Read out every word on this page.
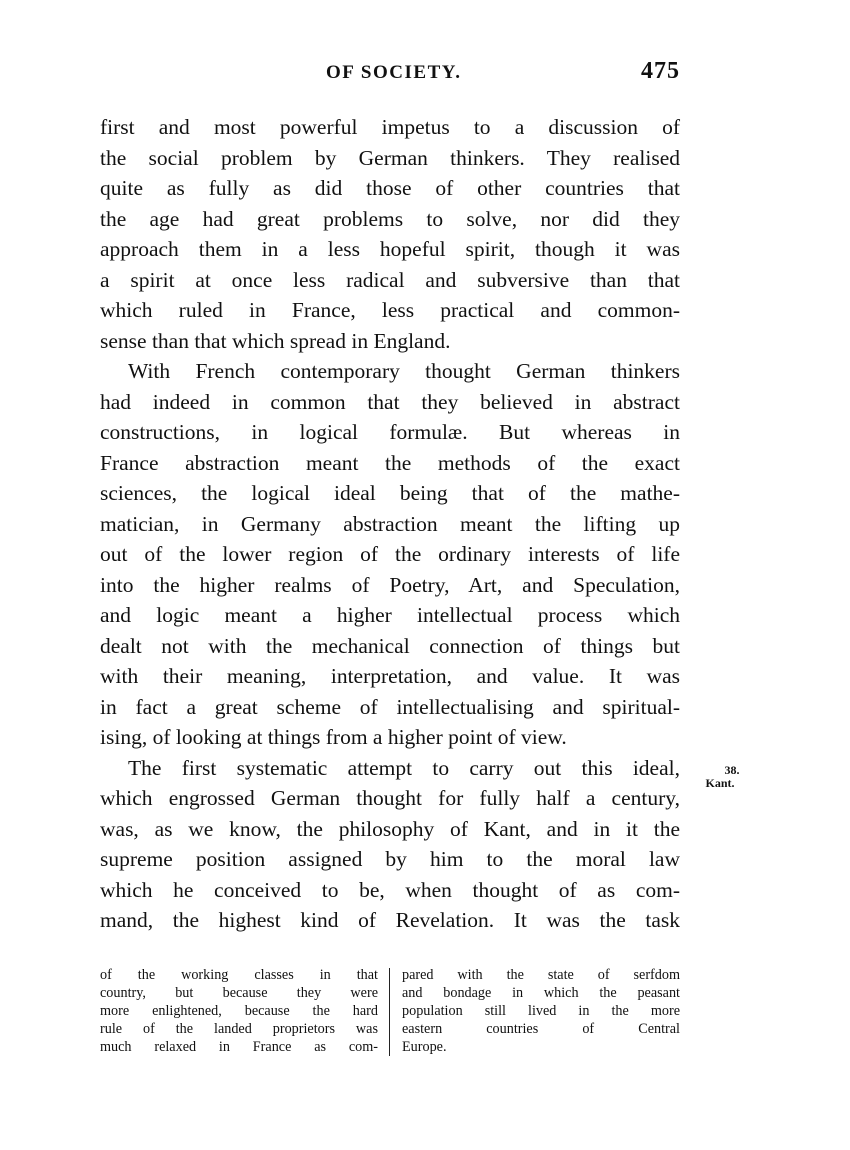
OF SOCIETY.	475
first and most powerful impetus to a discussion of
the social problem by German thinkers. They realised
quite as fully as did those of other countries that
the age had great problems to solve, nor did they
approach them in a less hopeful spirit, though it was
a spirit at once less radical and subversive than that
which ruled in France, less practical and common-
sense than that which spread in England.
With French contemporary thought German thinkers
had indeed in common that they believed in abstract
constructions, in logical formulæ. But whereas in
France abstraction meant the methods of the exact
sciences, the logical ideal being that of the mathe-
matician, in Germany abstraction meant the lifting up
out of the lower region of the ordinary interests of life
into the higher realms of Poetry, Art, and Speculation,
and logic meant a higher intellectual process which
dealt not with the mechanical connection of things but
with their meaning, interpretation, and value. It was
in fact a great scheme of intellectualising and spiritual-
ising, of looking at things from a higher point of view.
The first systematic attempt to carry out this ideal,
which engrossed German thought for fully half a century,
was, as we know, the philosophy of Kant, and in it the
supreme position assigned by him to the moral law
which he conceived to be, when thought of as com-
mand, the highest kind of Revelation. It was the task
38.
Kant.
of the working classes in that
country, but because they were
more enlightened, because the hard
rule of the landed proprietors was
much relaxed in France as com-
pared with the state of serfdom
and bondage in which the peasant
population still lived in the more
eastern countries of Central
Europe.
